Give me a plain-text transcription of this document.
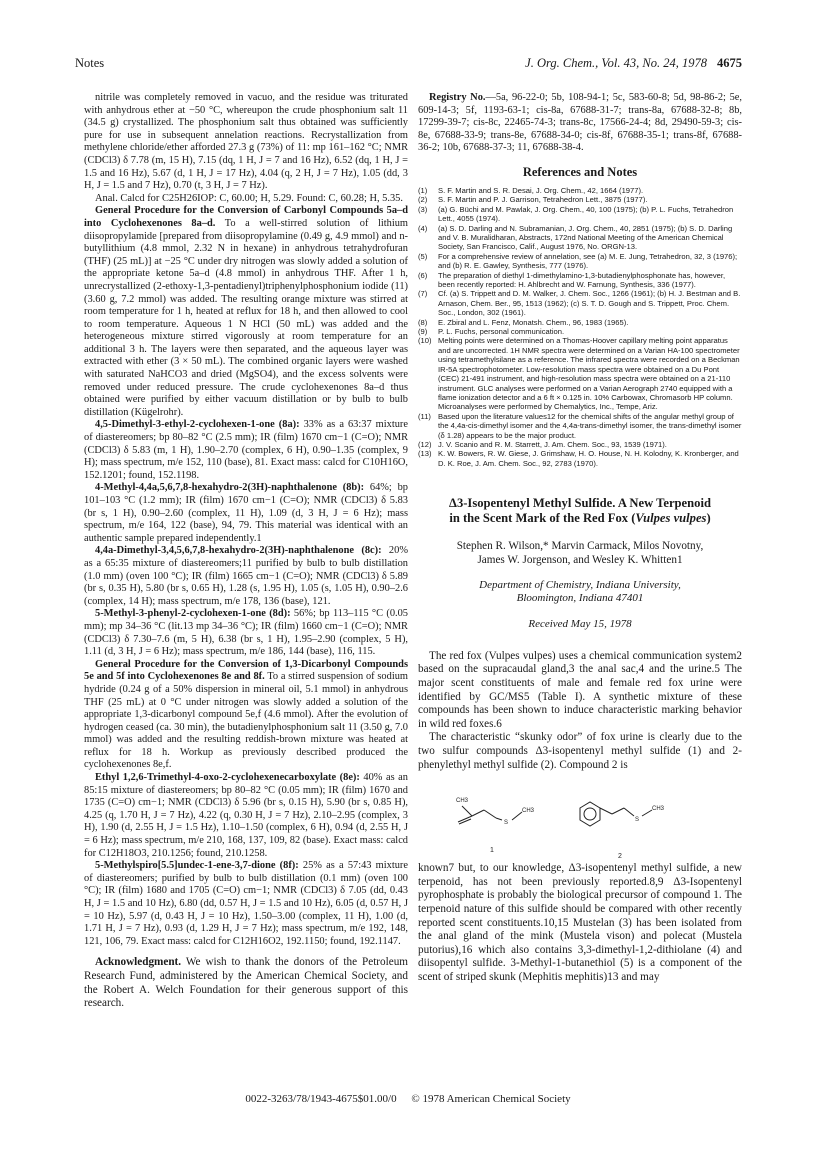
Notes	J. Org. Chem., Vol. 43, No. 24, 1978 4675

nitrile was completely removed in vacuo, and the residue was triturated with anhydrous ether at −50 °C, whereupon the crude phosphonium salt 11 (34.5 g) crystallized. The phosphonium salt thus obtained was sufficiently pure for use in subsequent annelation reactions. Recrystallization from methylene chloride/ether afforded 27.3 g (73%) of 11: mp 161–162 °C; NMR (CDCl3) δ 7.78 (m, 15 H), 7.15 (dq, 1 H, J = 7 and 16 Hz), 6.52 (dq, 1 H, J = 1.5 and 16 Hz), 5.67 (d, 1 H, J = 17 Hz), 4.04 (q, 2 H, J = 7 Hz), 1.05 (dd, 3 H, J = 1.5 and 7 Hz), 0.70 (t, 3 H, J = 7 Hz).

Anal. Calcd for C25H26IOP: C, 60.00; H, 5.29. Found: C, 60.28; H, 5.35.

General Procedure for the Conversion of Carbonyl Compounds 5a–d into Cyclohexenones 8a–d. To a well-stirred solution of lithium diisopropylamide [prepared from diisopropylamine (0.49 g, 4.9 mmol) and n-butyllithium (4.8 mmol, 2.32 N in hexane) in anhydrous tetrahydrofuran (THF) (25 mL)] at −25 °C under dry nitrogen was slowly added a solution of the appropriate ketone 5a–d (4.8 mmol) in anhydrous THF. After 1 h, unrecrystallized (2-ethoxy-1,3-pentadienyl)triphenylphosphonium iodide (11) (3.60 g, 7.2 mmol) was added. The resulting orange mixture was stirred at room temperature for 1 h, heated at reflux for 18 h, and then allowed to cool to room temperature. Aqueous 1 N HCl (50 mL) was added and the heterogeneous mixture stirred vigorously at room temperature for an additional 3 h. The layers were then separated, and the aqueous layer was extracted with ether (3 × 50 mL). The combined organic layers were washed with saturated NaHCO3 and dried (MgSO4), and the excess solvents were removed under reduced pressure. The crude cyclohexenones 8a–d thus obtained were purified by either vacuum distillation or by bulb to bulb distillation (Kügelrohr).

4,5-Dimethyl-3-ethyl-2-cyclohexen-1-one (8a): 33% as a 63:37 mixture of diastereomers; bp 80–82 °C (2.5 mm); IR (film) 1670 cm−1 (C=O); NMR (CDCl3) δ 5.83 (m, 1 H), 1.90–2.70 (complex, 6 H), 0.90–1.35 (complex, 9 H); mass spectrum, m/e 152, 110 (base), 81. Exact mass: calcd for C10H16O, 152.1201; found, 152.1198.

4-Methyl-4,4a,5,6,7,8-hexahydro-2(3H)-naphthalenone (8b): 64%; bp 101–103 °C (1.2 mm); IR (film) 1670 cm−1 (C=O); NMR (CDCl3) δ 5.83 (br s, 1 H), 0.90–2.60 (complex, 11 H), 1.09 (d, 3 H, J = 6 Hz); mass spectrum, m/e 164, 122 (base), 94, 79. This material was identical with an authentic sample prepared independently.1

4,4a-Dimethyl-3,4,5,6,7,8-hexahydro-2(3H)-naphthalenone (8c): 20% as a 65:35 mixture of diastereomers;11 purified by bulb to bulb distillation (1.0 mm) (oven 100 °C); IR (film) 1665 cm−1 (C=O); NMR (CDCl3) δ 5.89 (br s, 0.35 H), 5.80 (br s, 0.65 H), 1.28 (s, 1.95 H), 1.05 (s, 1.05 H), 0.90–2.6 (complex, 14 H); mass spectrum, m/e 178, 136 (base), 121.

5-Methyl-3-phenyl-2-cyclohexen-1-one (8d): 56%; bp 113–115 °C (0.05 mm); mp 34–36 °C (lit.13 mp 34–36 °C); IR (film) 1660 cm−1 (C=O); NMR (CDCl3) δ 7.30–7.6 (m, 5 H), 6.38 (br s, 1 H), 1.95–2.90 (complex, 5 H), 1.11 (d, 3 H, J = 6 Hz); mass spectrum, m/e 186, 144 (base), 116, 115.

General Procedure for the Conversion of 1,3-Dicarbonyl Compounds 5e and 5f into Cyclohexenones 8e and 8f. To a stirred suspension of sodium hydride (0.24 g of a 50% dispersion in mineral oil, 5.1 mmol) in anhydrous THF (25 mL) at 0 °C under nitrogen was slowly added a solution of the appropriate 1,3-dicarbonyl compound 5e,f (4.6 mmol). After the evolution of hydrogen ceased (ca. 30 min), the butadienylphosphonium salt 11 (3.50 g, 7.0 mmol) was added and the resulting reddish-brown mixture was heated at reflux for 18 h. Workup as previously described produced the cyclohexenones 8e,f.

Ethyl 1,2,6-Trimethyl-4-oxo-2-cyclohexenecarboxylate (8e): 40% as an 85:15 mixture of diastereomers; bp 80–82 °C (0.05 mm); IR (film) 1670 and 1735 (C=O) cm−1; NMR (CDCl3) δ 5.96 (br s, 0.15 H), 5.90 (br s, 0.85 H), 4.25 (q, 1.70 H, J = 7 Hz), 4.22 (q, 0.30 H, J = 7 Hz), 2.10–2.95 (complex, 3 H), 1.90 (d, 2.55 H, J = 1.5 Hz), 1.10–1.50 (complex, 6 H), 0.94 (d, 2.55 H, J = 6 Hz); mass spectrum, m/e 210, 168, 137, 109, 82 (base). Exact mass: calcd for C12H18O3, 210.1256; found, 210.1258.

5-Methylspiro[5.5]undec-1-ene-3,7-dione (8f): 25% as a 57:43 mixture of diastereomers; purified by bulb to bulb distillation (0.1 mm) (oven 100 °C); IR (film) 1680 and 1705 (C=O) cm−1; NMR (CDCl3) δ 7.05 (dd, 0.43 H, J = 1.5 and 10 Hz), 6.80 (dd, 0.57 H, J = 1.5 and 10 Hz), 6.05 (d, 0.57 H, J = 10 Hz), 5.97 (d, 0.43 H, J = 10 Hz), 1.50–3.00 (complex, 11 H), 1.00 (d, 1.71 H, J = 7 Hz), 0.93 (d, 1.29 H, J = 7 Hz); mass spectrum, m/e 192, 148, 121, 106, 79. Exact mass: calcd for C12H16O2, 192.1150; found, 192.1147.

Acknowledgment. We wish to thank the donors of the Petroleum Research Fund, administered by the American Chemical Society, and the Robert A. Welch Foundation for their generous support of this research.

Registry No.—5a, 96-22-0; 5b, 108-94-1; 5c, 583-60-8; 5d, 98-86-2; 5e, 609-14-3; 5f, 1193-63-1; cis-8a, 67688-31-7; trans-8a, 67688-32-8; 8b, 17299-39-7; cis-8c, 22465-74-3; trans-8c, 17566-24-4; 8d, 29490-59-3; cis-8e, 67688-33-9; trans-8e, 67688-34-0; cis-8f, 67688-35-1; trans-8f, 67688-36-2; 10b, 67688-37-3; 11, 67688-38-4.

References and Notes
(1)	S. F. Martin and S. R. Desai, J. Org. Chem., 42, 1664 (1977).
(2)	S. F. Martin and P. J. Garrison, Tetrahedron Lett., 3875 (1977).
(3)	(a) G. Büchi and M. Pawlak, J. Org. Chem., 40, 100 (1975); (b) P. L. Fuchs, Tetrahedron Lett., 4055 (1974).
(4)	(a) S. D. Darling and N. Subramanian, J. Org. Chem., 40, 2851 (1975); (b) S. D. Darling and V. B. Muralidharan, Abstracts, 172nd National Meeting of the American Chemical Society, San Francisco, Calif., August 1976, No. ORGN-13.
(5)	For a comprehensive review of annelation, see (a) M. E. Jung, Tetrahedron, 32, 3 (1976); and (b) R. E. Gawley, Synthesis, 777 (1976).
(6)	The preparation of diethyl 1-dimethylamino-1,3-butadienylphosphonate has, however, been recently reported: H. Ahlbrecht and W. Farnung, Synthesis, 336 (1977).
(7)	Cf. (a) S. Trippett and D. M. Walker, J. Chem. Soc., 1266 (1961); (b) H. J. Bestman and B. Arnason, Chem. Ber., 95, 1513 (1962); (c) S. T. D. Gough and S. Trippett, Proc. Chem. Soc., London, 302 (1961).
(8)	E. Zbiral and L. Fenz, Monatsh. Chem., 96, 1983 (1965).
(9)	P. L. Fuchs, personal communication.
(10) Melting points were determined on a Thomas-Hoover capillary melting point apparatus and are uncorrected. 1H NMR spectra were determined on a Varian HA-100 spectrometer using tetramethylsilane as a reference. The infrared spectra were recorded on a Beckman IR-5A spectrophotometer. Low-resolution mass spectra were obtained on a Du Pont (CEC) 21-491 instrument, and high-resolution mass spectra were obtained on a 21-110 instrument. GLC analyses were performed on a Varian Aerograph 2740 equipped with a flame ionization detector and a 6 ft × 0.125 in. 10% Carbowax, Chromasorb HP column. Microanalyses were performed by Chemalytics, Inc., Tempe, Ariz.
(11) Based upon the literature values12 for the chemical shifts of the angular methyl group of the 4,4a-cis-dimethyl isomer and the 4,4a-trans-dimethyl isomer, the trans-dimethyl isomer (δ 1.28) appears to be the major product.
(12) J. V. Scanio and R. M. Starrett, J. Am. Chem. Soc., 93, 1539 (1971).
(13) K. W. Bowers, R. W. Giese, J. Grimshaw, H. O. House, N. H. Kolodny, K. Kronberger, and D. K. Roe, J. Am. Chem. Soc., 92, 2783 (1970).
Δ3-Isopentenyl Methyl Sulfide. A New Terpenoid
in the Scent Mark of the Red Fox (Vulpes vulpes)
Stephen R. Wilson,* Marvin Carmack, Milos Novotny,
James W. Jorgenson, and Wesley K. Whitten1
Department of Chemistry, Indiana University,
Bloomington, Indiana 47401
Received May 15, 1978

The red fox (Vulpes vulpes) uses a chemical communication system2 based on the supracaudal gland,3 the anal sac,4 and the urine.5 The major scent constituents of male and female red fox urine were identified by GC/MS5 (Table I). A synthetic mixture of these compounds has been shown to induce characteristic marking behavior in wild red foxes.6

The characteristic “skunky odor” of fox urine is clearly due to the two sulfur compounds Δ3-isopentenyl methyl sulfide (1) and 2-phenylethyl methyl sulfide (2). Compound 2 is

CH3
S
CH3
1
S
CH3
2

known7 but, to our knowledge, Δ3-isopentenyl methyl sulfide, a new terpenoid, has not been previously reported.8,9 Δ3-Isopentenyl pyrophosphate is probably the biological precursor of compound 1. The terpenoid nature of this sulfide should be compared with other recently reported scent constituents.10,15 Mustelan (3) has been isolated from the anal gland of the mink (Mustela vison) and polecat (Mustela putorius),16 which also contains 3,3-dimethyl-1,2-dithiolane (4) and diisopentyl sulfide. 3-Methyl-1-butanethiol (5) is a component of the scent of striped skunk (Mephitis mephitis)13 and may

0022-3263/78/1943-4675$01.00/0 © 1978 American Chemical Society
